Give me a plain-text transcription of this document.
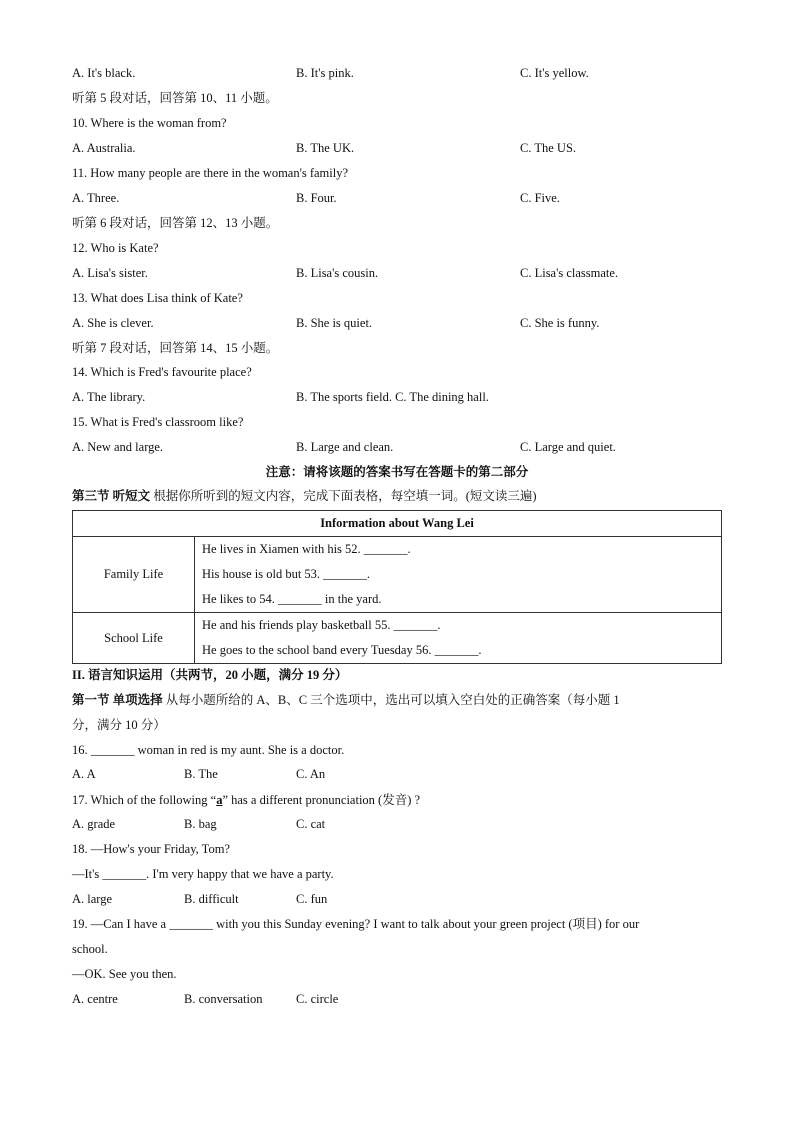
A. It's black.	B. It's pink.	C. It's yellow.
听第 5 段对话，回答第 10、11 小题。
10. Where is the woman from?
A. Australia.	B. The UK.	C. The US.
11. How many people are there in the woman's family?
A. Three.	B. Four.	C. Five.
听第 6 段对话，回答第 12、13 小题。
12. Who is Kate?
A. Lisa's sister.	B. Lisa's cousin.	C. Lisa's classmate.
13. What does Lisa think of Kate?
A. She is clever.	B. She is quiet.	C. She is funny.
听第 7 段对话，回答第 14、15 小题。
14. Which is Fred's favourite place?
A. The library.	B. The sports field. C. The dining hall.
15. What is Fred's classroom like?
A. New and large.	B. Large and clean.	C. Large and quiet.
注意：请将该题的答案书写在答题卡的第二部分
第三节 听短文 根据你所听到的短文内容，完成下面表格，每空填一词。(短文读三遍)
Information about Wang Lei	
Family Life	He lives in Xiamen with his 52. _______.
His house is old but 53. _______.
He likes to 54. _______ in the yard.

School Life	He and his friends play basketball 55. _______.
He goes to the school band every Tuesday 56. _______.
II. 语言知识运用（共两节，20 小题，满分 19 分）
第一节 单项选择 从每小题所给的 A、B、C 三个选项中，选出可以填入空白处的正确答案（每小题 1
分，满分 10 分）
16. _______ woman in red is my aunt. She is a doctor.
A. A	B. The	C. An
17. Which of the following “a” has a different pronunciation (发音) ?
A. grade	B. bag	C. cat
18. —How's your Friday, Tom?
—It's _______. I'm very happy that we have a party.
A. large	B. difficult	C. fun
19. —Can I have a _______ with you this Sunday evening? I want to talk about your green project (项目) for our
school.
—OK. See you then.
A. centre	B. conversation	C. circle
